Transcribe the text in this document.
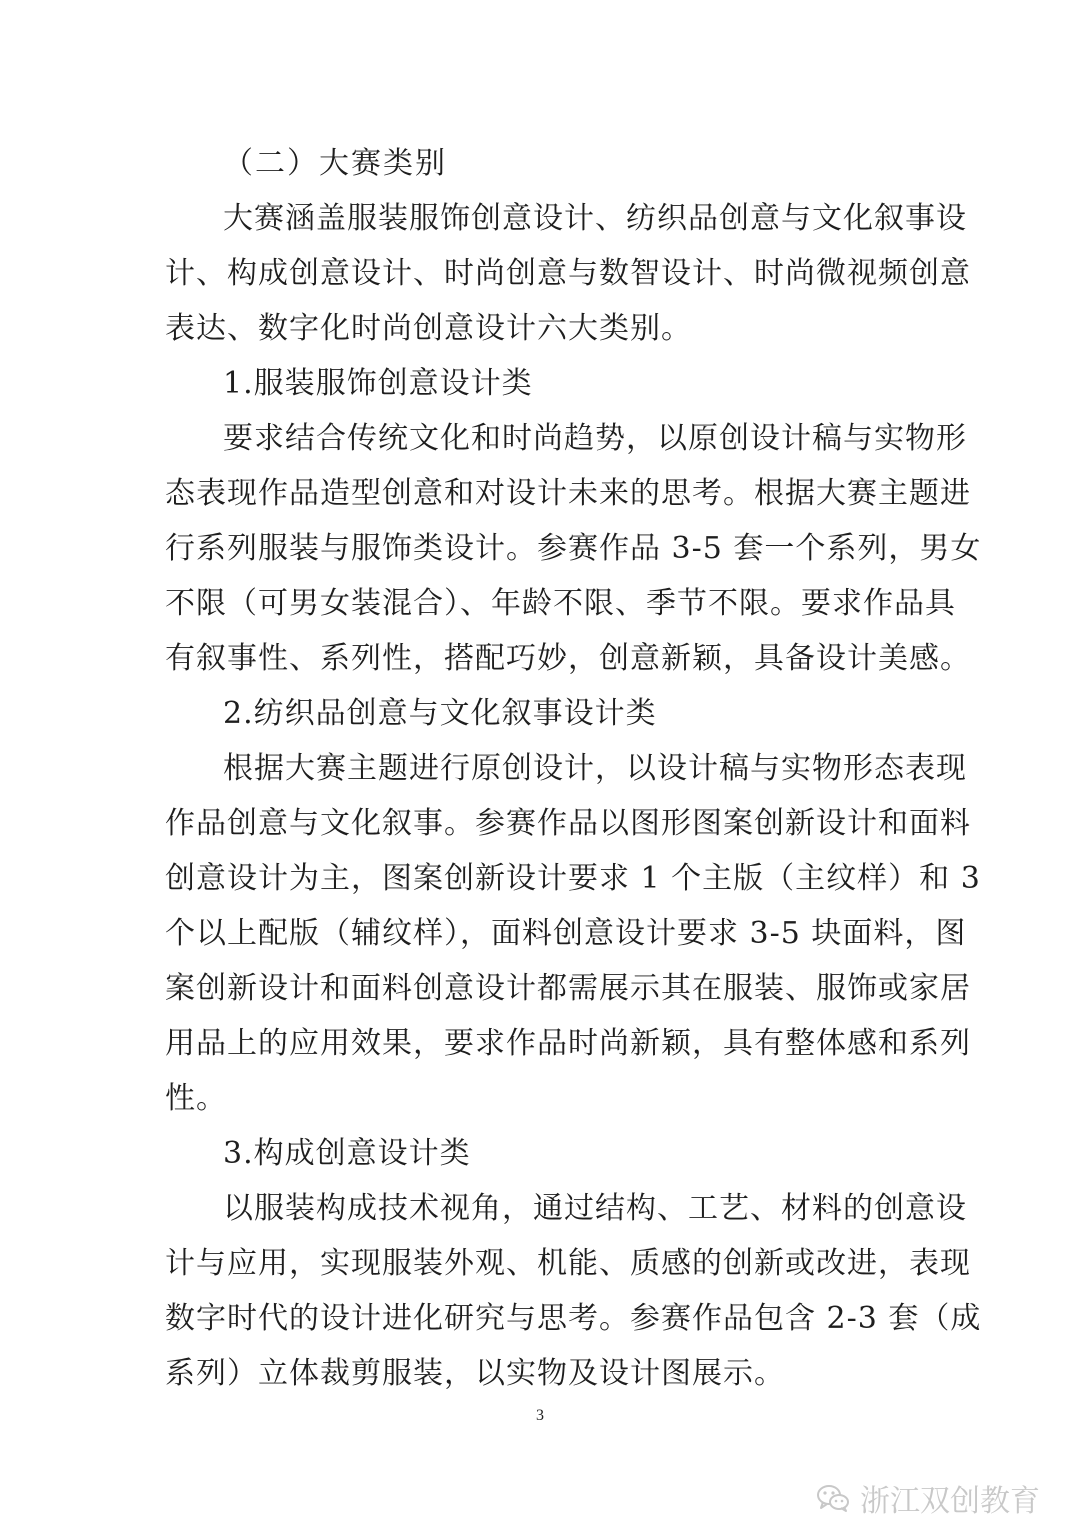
（二）大赛类别
大赛涵盖服装服饰创意设计、纺织品创意与文化叙事设
计、构成创意设计、时尚创意与数智设计、时尚微视频创意
表达、数字化时尚创意设计六大类别。
1.服装服饰创意设计类
要求结合传统文化和时尚趋势，以原创设计稿与实物形
态表现作品造型创意和对设计未来的思考。根据大赛主题进
行系列服装与服饰类设计。参赛作品 3-5 套一个系列，男女
不限（可男女装混合）、年龄不限、季节不限。要求作品具
有叙事性、系列性，搭配巧妙，创意新颖，具备设计美感。
2.纺织品创意与文化叙事设计类
根据大赛主题进行原创设计，以设计稿与实物形态表现
作品创意与文化叙事。参赛作品以图形图案创新设计和面料
创意设计为主，图案创新设计要求 1 个主版（主纹样）和 3
个以上配版（辅纹样），面料创意设计要求 3-5 块面料，图
案创新设计和面料创意设计都需展示其在服装、服饰或家居
用品上的应用效果，要求作品时尚新颖，具有整体感和系列
性。
3.构成创意设计类
以服装构成技术视角，通过结构、工艺、材料的创意设
计与应用，实现服装外观、机能、质感的创新或改进，表现
数字时代的设计进化研究与思考。参赛作品包含 2-3 套（成
系列）立体裁剪服装，以实物及设计图展示。
3
浙江双创教育
